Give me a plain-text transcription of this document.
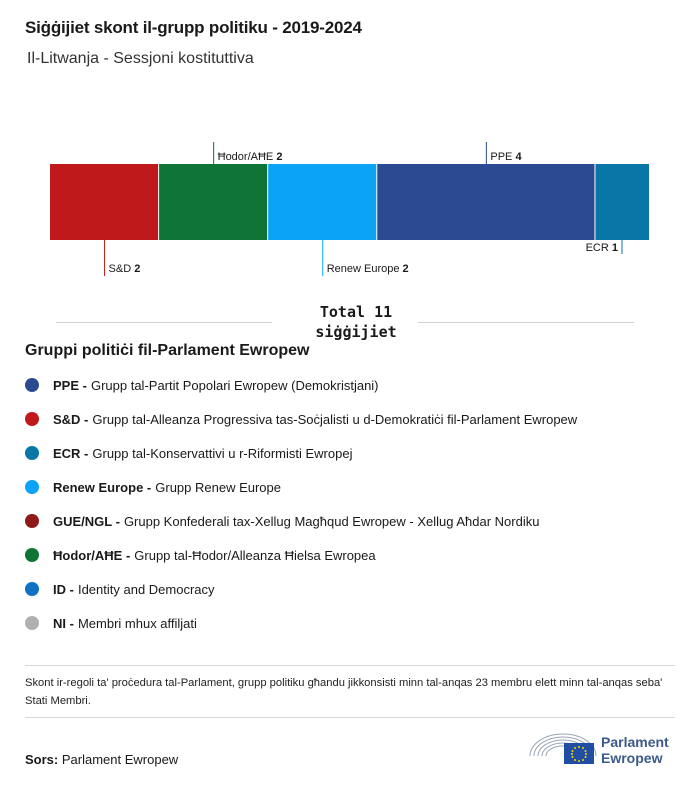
Siġġijiet skont il-grupp politiku - 2019-2024
Il-Litwanja - Sessjoni kostituttiva
S&D 2
Ħodor/AĦE 2
Renew Europe 2
PPE 4
ECR 1
Total 11
siġġijiet
Gruppi politiċi fil-Parlament Ewropew
PPE - Grupp tal-Partit Popolari Ewropew (Demokristjani)
S&D - Grupp tal-Alleanza Progressiva tas-Soċjalisti u d-Demokratiċi fil-Parlament Ewropew
ECR - Grupp tal-Konservattivi u r-Riformisti Ewropej
Renew Europe - Grupp Renew Europe
GUE/NGL - Grupp Konfederali tax-Xellug Magħqud Ewropew - Xellug Aħdar Nordiku
Ħodor/AĦE - Grupp tal-Ħodor/Alleanza Ħielsa Ewropea
ID - Identity and Democracy
NI - Membri mhux affiljati
Skont ir-regoli ta' proċedura tal-Parlament, grupp politiku għandu jikkonsisti minn tal-anqas 23 membru elett minn tal-anqas seba' Stati Membri.
Sors: Parlament Ewropew
Parlament
Ewropew
